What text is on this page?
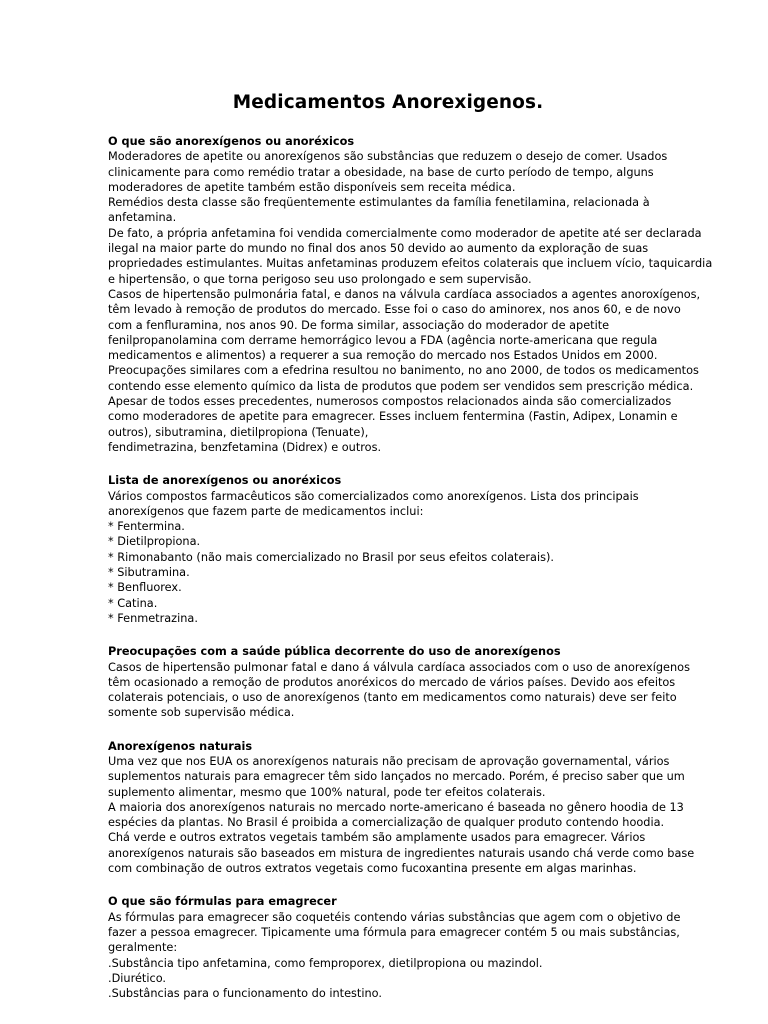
Medicamentos Anorexigenos.
O que são anorexígenos ou anoréxicos
Moderadores de apetite ou anorexígenos são substâncias que reduzem o desejo de comer. Usados
clinicamente para como remédio tratar a obesidade, na base de curto período de tempo, alguns
moderadores de apetite também estão disponíveis sem receita médica.
Remédios desta classe são freqüentemente estimulantes da família fenetilamina, relacionada à
anfetamina.
De fato, a própria anfetamina foi vendida comercialmente como moderador de apetite até ser declarada
ilegal na maior parte do mundo no final dos anos 50 devido ao aumento da exploração de suas
propriedades estimulantes. Muitas anfetaminas produzem efeitos colaterais que incluem vício, taquicardia
e hipertensão, o que torna perigoso seu uso prolongado e sem supervisão.
Casos de hipertensão pulmonária fatal, e danos na válvula cardíaca associados a agentes anoroxígenos,
têm levado à remoção de produtos do mercado. Esse foi o caso do aminorex, nos anos 60, e de novo
com a fenfluramina, nos anos 90. De forma similar, associação do moderador de apetite
fenilpropanolamina com derrame hemorrágico levou a FDA (agência norte-americana que regula
medicamentos e alimentos) a requerer a sua remoção do mercado nos Estados Unidos em 2000.
Preocupações similares com a efedrina resultou no banimento, no ano 2000, de todos os medicamentos
contendo esse elemento químico da lista de produtos que podem ser vendidos sem prescrição médica.
Apesar de todos esses precedentes, numerosos compostos relacionados ainda são comercializados
como moderadores de apetite para emagrecer. Esses incluem fentermina (Fastin, Adipex, Lonamin e
outros), sibutramina, dietilpropiona (Tenuate),
fendimetrazina, benzfetamina (Didrex) e outros.
Lista de anorexígenos ou anoréxicos
Vários compostos farmacêuticos são comercializados como anorexígenos. Lista dos principais
anorexígenos que fazem parte de medicamentos inclui:
* Fentermina.
* Dietilpropiona.
* Rimonabanto (não mais comercializado no Brasil por seus efeitos colaterais).
* Sibutramina.
* Benfluorex.
* Catina.
* Fenmetrazina.
Preocupações com a saúde pública decorrente do uso de anorexígenos
Casos de hipertensão pulmonar fatal e dano á válvula cardíaca associados com o uso de anorexígenos
têm ocasionado a remoção de produtos anoréxicos do mercado de vários países. Devido aos efeitos
colaterais potenciais, o uso de anorexígenos (tanto em medicamentos como naturais) deve ser feito
somente sob supervisão médica.
Anorexígenos naturais
Uma vez que nos EUA os anorexígenos naturais não precisam de aprovação governamental, vários
suplementos naturais para emagrecer têm sido lançados no mercado. Porém, é preciso saber que um
suplemento alimentar, mesmo que 100% natural, pode ter efeitos colaterais.
A maioria dos anorexígenos naturais no mercado norte-americano é baseada no gênero hoodia de 13
espécies da plantas. No Brasil é proibida a comercialização de qualquer produto contendo hoodia.
Chá verde e outros extratos vegetais também são amplamente usados para emagrecer. Vários
anorexígenos naturais são baseados em mistura de ingredientes naturais usando chá verde como base
com combinação de outros extratos vegetais como fucoxantina presente em algas marinhas.
O que são fórmulas para emagrecer
As fórmulas para emagrecer são coquetéis contendo várias substâncias que agem com o objetivo de
fazer a pessoa emagrecer. Tipicamente uma fórmula para emagrecer contém 5 ou mais substâncias,
geralmente:
.Substância tipo anfetamina, como femproporex, dietilpropiona ou mazindol.
.Diurético.
.Substâncias para o funcionamento do intestino.
